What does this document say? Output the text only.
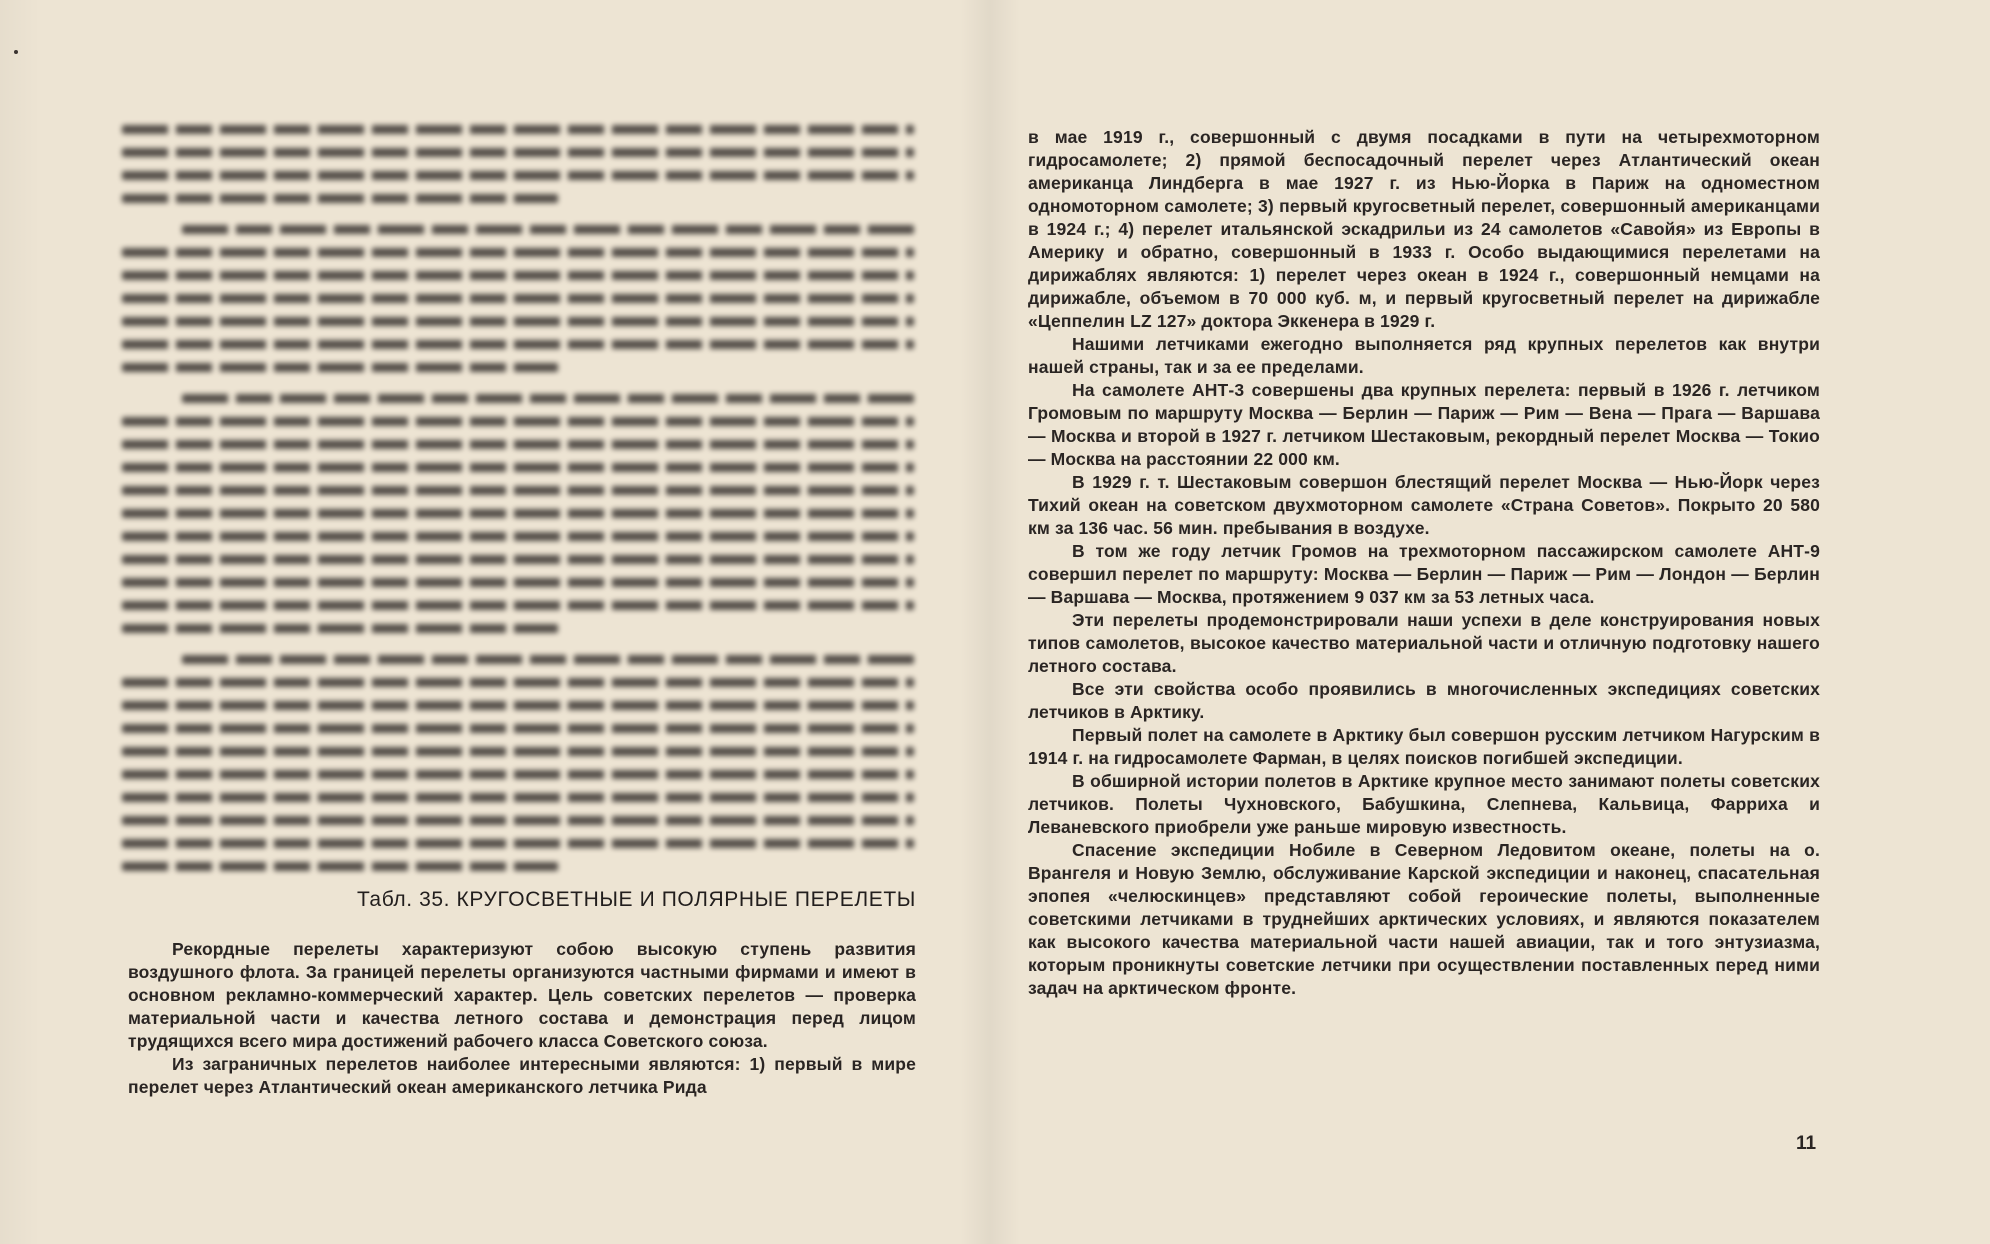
Табл. 35. КРУГОСВЕТНЫЕ И ПОЛЯРНЫЕ ПЕРЕЛЕТЫ

Рекордные перелеты характеризуют собою высокую ступень развития воздушного флота. За границей перелеты организуются частными фирмами и имеют в основном рекламно-коммерческий характер. Цель советских перелетов — проверка материальной части и качества летного состава и демонстрация перед лицом трудящихся всего мира достижений рабочего класса Советского союза.

Из заграничных перелетов наиболее интересными являются: 1) первый в мире перелет через Атлантический океан американского летчика Рида

в мае 1919 г., совершонный с двумя посадками в пути на четырехмоторном гидросамолете; 2) прямой беспосадочный перелет через Атлантический океан американца Линдберга в мае 1927 г. из Нью-Йорка в Париж на одноместном одномоторном самолете; 3) первый кругосветный перелет, совершонный американцами в 1924 г.; 4) перелет итальянской эскадрильи из 24 самолетов «Савойя» из Европы в Америку и обратно, совершонный в 1933 г. Особо выдающимися перелетами на дирижаблях являются: 1) перелет через океан в 1924 г., совершонный немцами на дирижабле, объемом в 70 000 куб. м, и первый кругосветный перелет на дирижабле «Цеппелин LZ 127» доктора Эккенера в 1929 г.

Нашими летчиками ежегодно выполняется ряд крупных перелетов как внутри нашей страны, так и за ее пределами.

На самолете АНТ-3 совершены два крупных перелета: первый в 1926 г. летчиком Громовым по маршруту Москва — Берлин — Париж — Рим — Вена — Прага — Варшава — Москва и второй в 1927 г. летчиком Шестаковым, рекордный перелет Москва — Токио — Москва на расстоянии 22 000 км.

В 1929 г. т. Шестаковым совершон блестящий перелет Москва — Нью-Йорк через Тихий океан на советском двухмоторном самолете «Страна Советов». Покрыто 20 580 км за 136 час. 56 мин. пребывания в воздухе.

В том же году летчик Громов на трехмоторном пассажирском самолете АНТ-9 совершил перелет по маршруту: Москва — Берлин — Париж — Рим — Лондон — Берлин — Варшава — Москва, протяжением 9 037 км за 53 летных часа.

Эти перелеты продемонстрировали наши успехи в деле конструирования новых типов самолетов, высокое качество материальной части и отличную подготовку нашего летного состава.

Все эти свойства особо проявились в многочисленных экспедициях советских летчиков в Арктику.

Первый полет на самолете в Арктику был совершон русским летчиком Нагурским в 1914 г. на гидросамолете Фарман, в целях поисков погибшей экспедиции.

В обширной истории полетов в Арктике крупное место занимают полеты советских летчиков. Полеты Чухновского, Бабушкина, Слепнева, Кальвица, Фарриха и Леваневского приобрели уже раньше мировую известность.

Спасение экспедиции Нобиле в Северном Ледовитом океане, полеты на о. Врангеля и Новую Землю, обслуживание Карской экспедиции и наконец, спасательная эпопея «челюскинцев» представляют собой героические полеты, выполненные советскими летчиками в труднейших арктических условиях, и являются показателем как высокого качества материальной части нашей авиации, так и того энтузиазма, которым проникнуты советские летчики при осуществлении поставленных перед ними задач на арктическом фронте.

11
